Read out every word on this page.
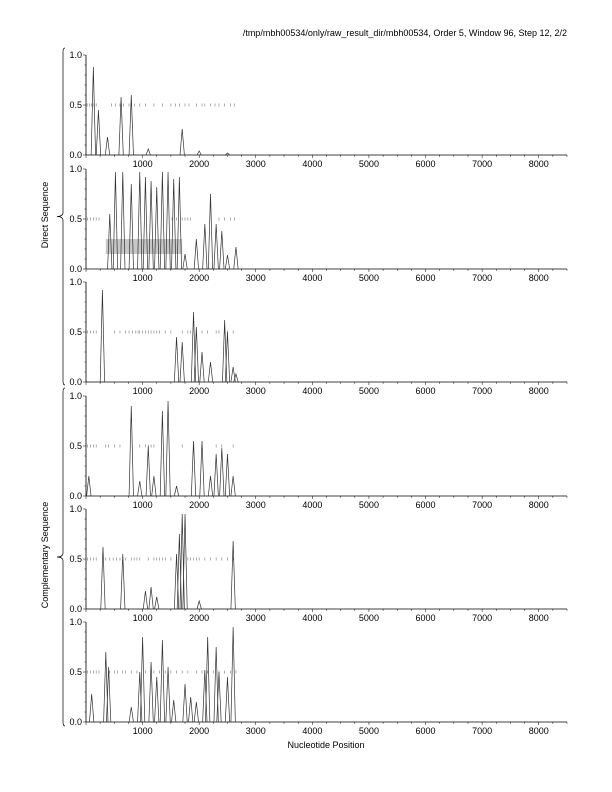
/tmp/mbh00534/only/raw_result_dir/mbh00534, Order 5, Window 96, Step 12, 2/2
0.0
0.5
1.0
1000	2000	3000	4000	5000	6000	7000	8000
0.0
0.5
1.0
1000	2000	3000	4000	5000	6000	7000	8000
0.0
0.5
1.0
1000	2000	3000	4000	5000	6000	7000	8000
0.0
0.5
1.0
1000	2000	3000	4000	5000	6000	7000	8000
0.0
0.5
1.0
1000	2000	3000	4000	5000	6000	7000	8000
0.0
0.5
1.0
1000	2000	3000	4000	5000	6000	7000	8000
Direct Sequence
Complementary Sequence
Nucleotide Position
